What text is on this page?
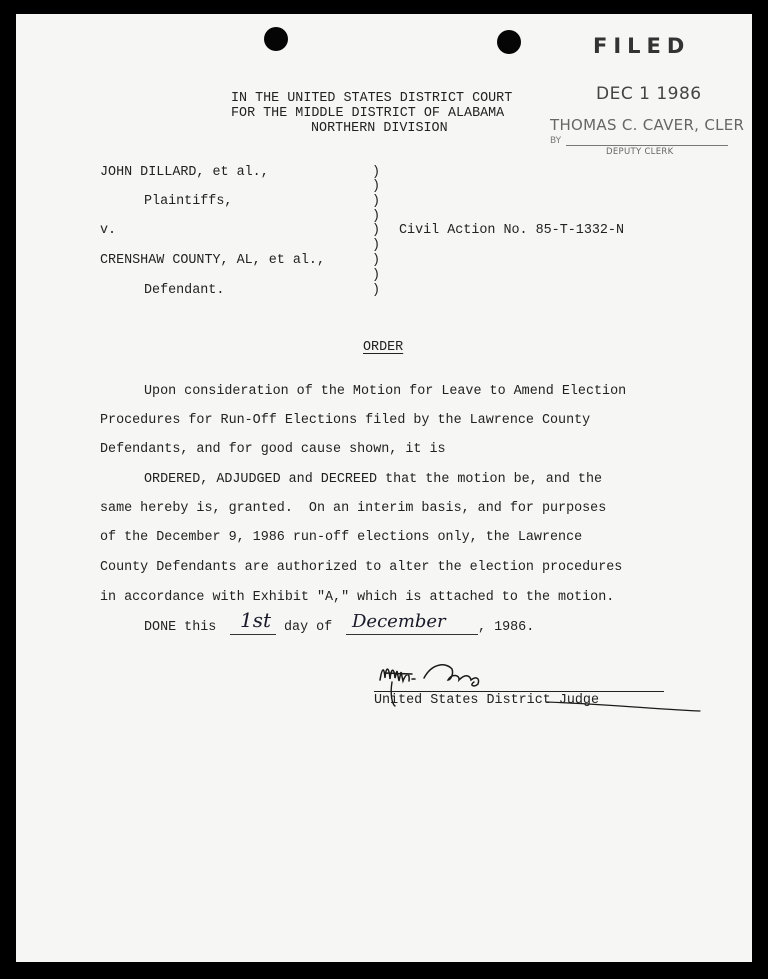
FILED
DEC 1 1986
THOMAS C. CAVER, CLER
BY
DEPUTY CLERK
IN THE UNITED STATES DISTRICT COURT
FOR THE MIDDLE DISTRICT OF ALABAMA
NORTHERN DIVISION
JOHN DILLARD, et al.,
Plaintiffs,
v.
CRENSHAW COUNTY, AL, et al.,
Defendant.
)
)
)
)
)
)
)
)
)
Civil Action No. 85-T-1332-N
ORDER
Upon consideration of the Motion for Leave to Amend Election
Procedures for Run-Off Elections filed by the Lawrence County
Defendants, and for good cause shown, it is
ORDERED, ADJUDGED and DECREED that the motion be, and the
same hereby is, granted.  On an interim basis, and for purposes
of the December 9, 1986 run-off elections only, the Lawrence
County Defendants are authorized to alter the election procedures
in accordance with Exhibit "A," which is attached to the motion.
DONE this 1st day of December , 1986.
United States District Judge
